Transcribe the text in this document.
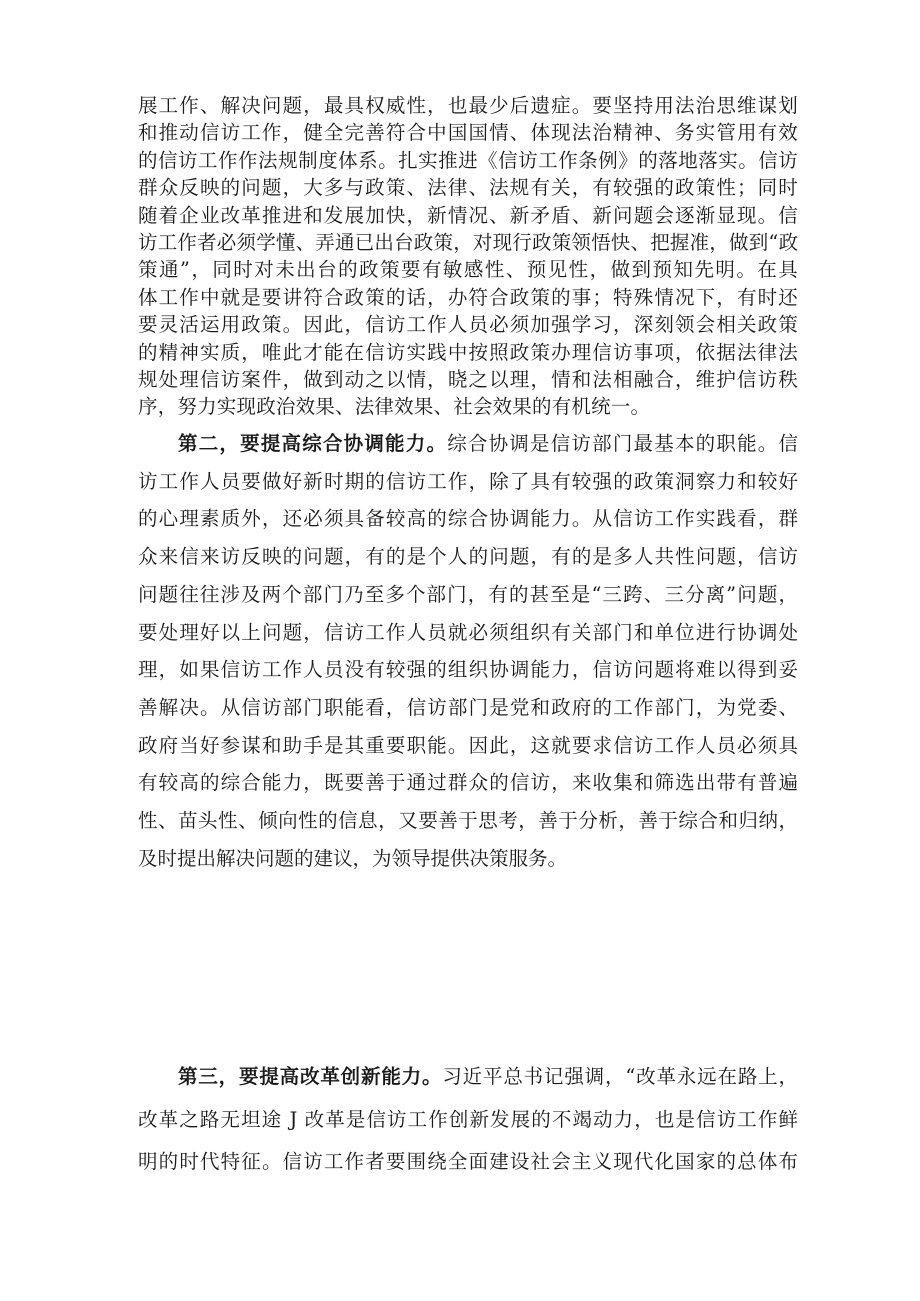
展工作、解决问题，最具权威性，也最少后遗症。要坚持用法治思维谋划
和推动信访工作，健全完善符合中国国情、体现法治精神、务实管用有效
的信访工作作法规制度体系。扎实推进《信访工作条例》的落地落实。信访
群众反映的问题，大多与政策、法律、法规有关，有较强的政策性；同时
随着企业改革推进和发展加快，新情况、新矛盾、新问题会逐渐显现。信
访工作者必须学懂、弄通已出台政策，对现行政策领悟快、把握准，做到“政
策通”，同时对未出台的政策要有敏感性、预见性，做到预知先明。在具
体工作中就是要讲符合政策的话，办符合政策的事；特殊情况下，有时还
要灵活运用政策。因此，信访工作人员必须加强学习，深刻领会相关政策
的精神实质，唯此才能在信访实践中按照政策办理信访事项，依据法律法
规处理信访案件，做到动之以情，晓之以理，情和法相融合，维护信访秩
序，努力实现政治效果、法律效果、社会效果的有机统一。
第二，要提高综合协调能力。综合协调是信访部门最基本的职能。信
访工作人员要做好新时期的信访工作，除了具有较强的政策洞察力和较好
的心理素质外，还必须具备较高的综合协调能力。从信访工作实践看，群
众来信来访反映的问题，有的是个人的问题，有的是多人共性问题，信访
问题往往涉及两个部门乃至多个部门，有的甚至是“三跨、三分离”问题，
要处理好以上问题，信访工作人员就必须组织有关部门和单位进行协调处
理，如果信访工作人员没有较强的组织协调能力，信访问题将难以得到妥
善解决。从信访部门职能看，信访部门是党和政府的工作部门，为党委、
政府当好参谋和助手是其重要职能。因此，这就要求信访工作人员必须具
有较高的综合能力，既要善于通过群众的信访，来收集和筛选出带有普遍
性、苗头性、倾向性的信息，又要善于思考，善于分析，善于综合和归纳，
及时提出解决问题的建议，为领导提供决策服务。
第三，要提高改革创新能力。习近平总书记强调，“改革永远在路上，
改革之路无坦途 J 改革是信访工作创新发展的不竭动力，也是信访工作鲜
明的时代特征。信访工作者要围绕全面建设社会主义现代化国家的总体布
